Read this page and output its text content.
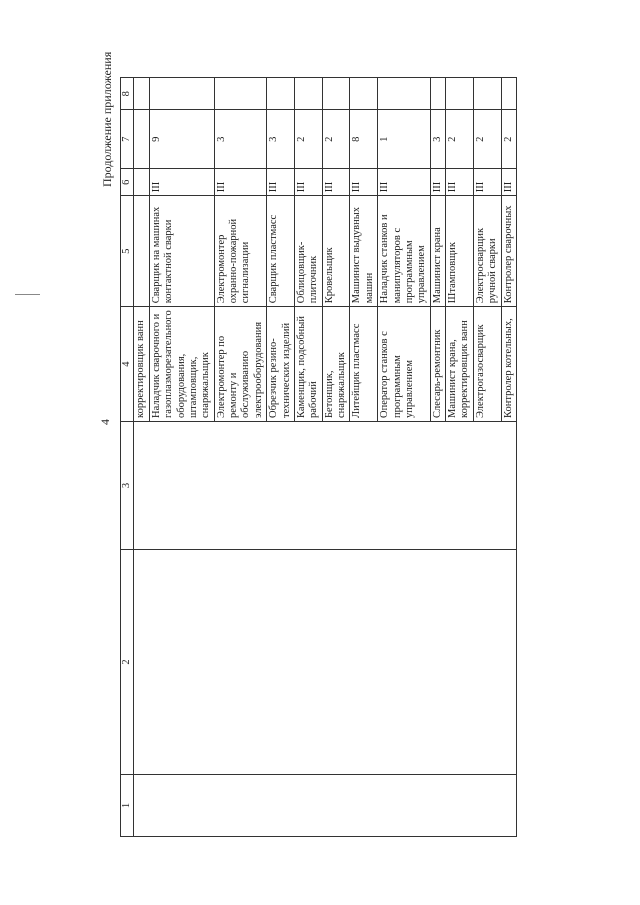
4
Продолжение приложения
1	2	3	4	5	6	7	8
			корректировщик ванн				
			Наладчик сварочного и газоплазморезательного оборудования, штамповщик, снаряжальщик	Сварщик на машинах контактной сварки	III	9	
			Электромонтер по ремонту и обслуживанию электрооборудования	Электромонтер охранно-пожарной сигнализации	III	3	
			Обрезчик резино-технических изделий	Сварщик пластмасс	III	3	
			Каменщик, подсобный рабочий	Облицовщик-плиточник	III	2	
			Бетонщик, снаряжальщик	Кровельщик	III	2	
			Литейщик пластмасс	Машинист выдувных машин	III	8	
			Оператор станков с программным управлением	Наладчик станков и манипуляторов с программным управлением	III	1	
			Слесарь-ремонтник	Машинист крана	III	3	
			Машинист крана, корректировщик ванн	Штамповщик	III	2	
			Электрогазосварщик	Электросварщик ручной сварки	III	2	
			Контролер котельных,	Контролер сварочных	III	2	
